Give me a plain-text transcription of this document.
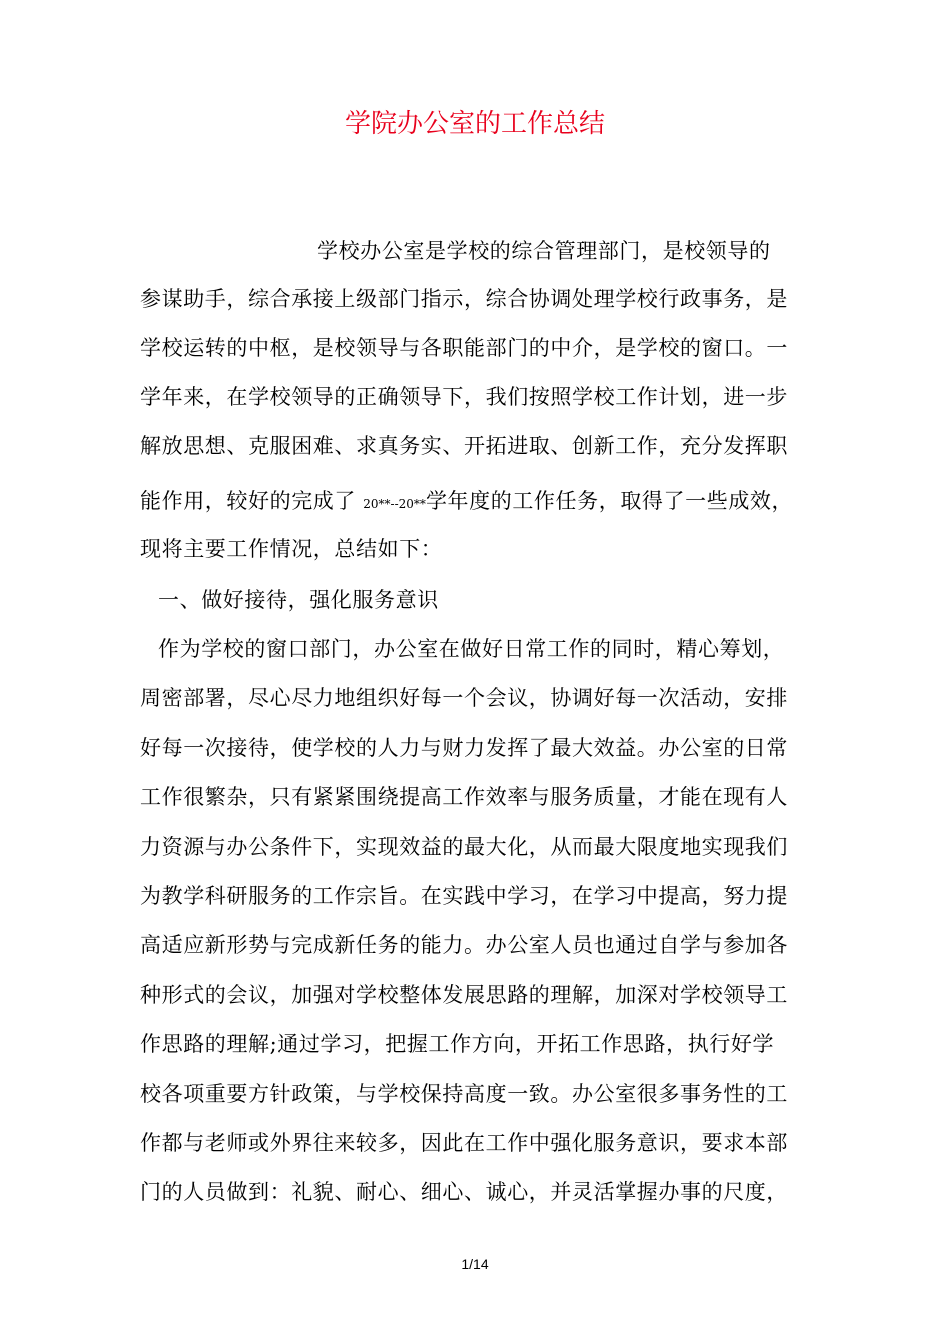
学院办公室的工作总结
学校办公室是学校的综合管理部门，是校领导的
参谋助手，综合承接上级部门指示，综合协调处理学校行政事务，是
学校运转的中枢，是校领导与各职能部门的中介，是学校的窗口。一
学年来，在学校领导的正确领导下，我们按照学校工作计划，进一步
解放思想、克服困难、求真务实、开拓进取、创新工作，充分发挥职
能作用，较好的完成了 20**--20**学年度的工作任务，取得了一些成效，
现将主要工作情况，总结如下：
一、做好接待，强化服务意识
作为学校的窗口部门，办公室在做好日常工作的同时，精心筹划，
周密部署，尽心尽力地组织好每一个会议，协调好每一次活动，安排
好每一次接待，使学校的人力与财力发挥了最大效益。办公室的日常
工作很繁杂，只有紧紧围绕提高工作效率与服务质量，才能在现有人
力资源与办公条件下，实现效益的最大化，从而最大限度地实现我们
为教学科研服务的工作宗旨。在实践中学习，在学习中提高，努力提
高适应新形势与完成新任务的能力。办公室人员也通过自学与参加各
种形式的会议，加强对学校整体发展思路的理解，加深对学校领导工
作思路的理解;通过学习，把握工作方向，开拓工作思路，执行好学
校各项重要方针政策，与学校保持高度一致。办公室很多事务性的工
作都与老师或外界往来较多，因此在工作中强化服务意识，要求本部
门的人员做到：礼貌、耐心、细心、诚心，并灵活掌握办事的尺度，
1/14
